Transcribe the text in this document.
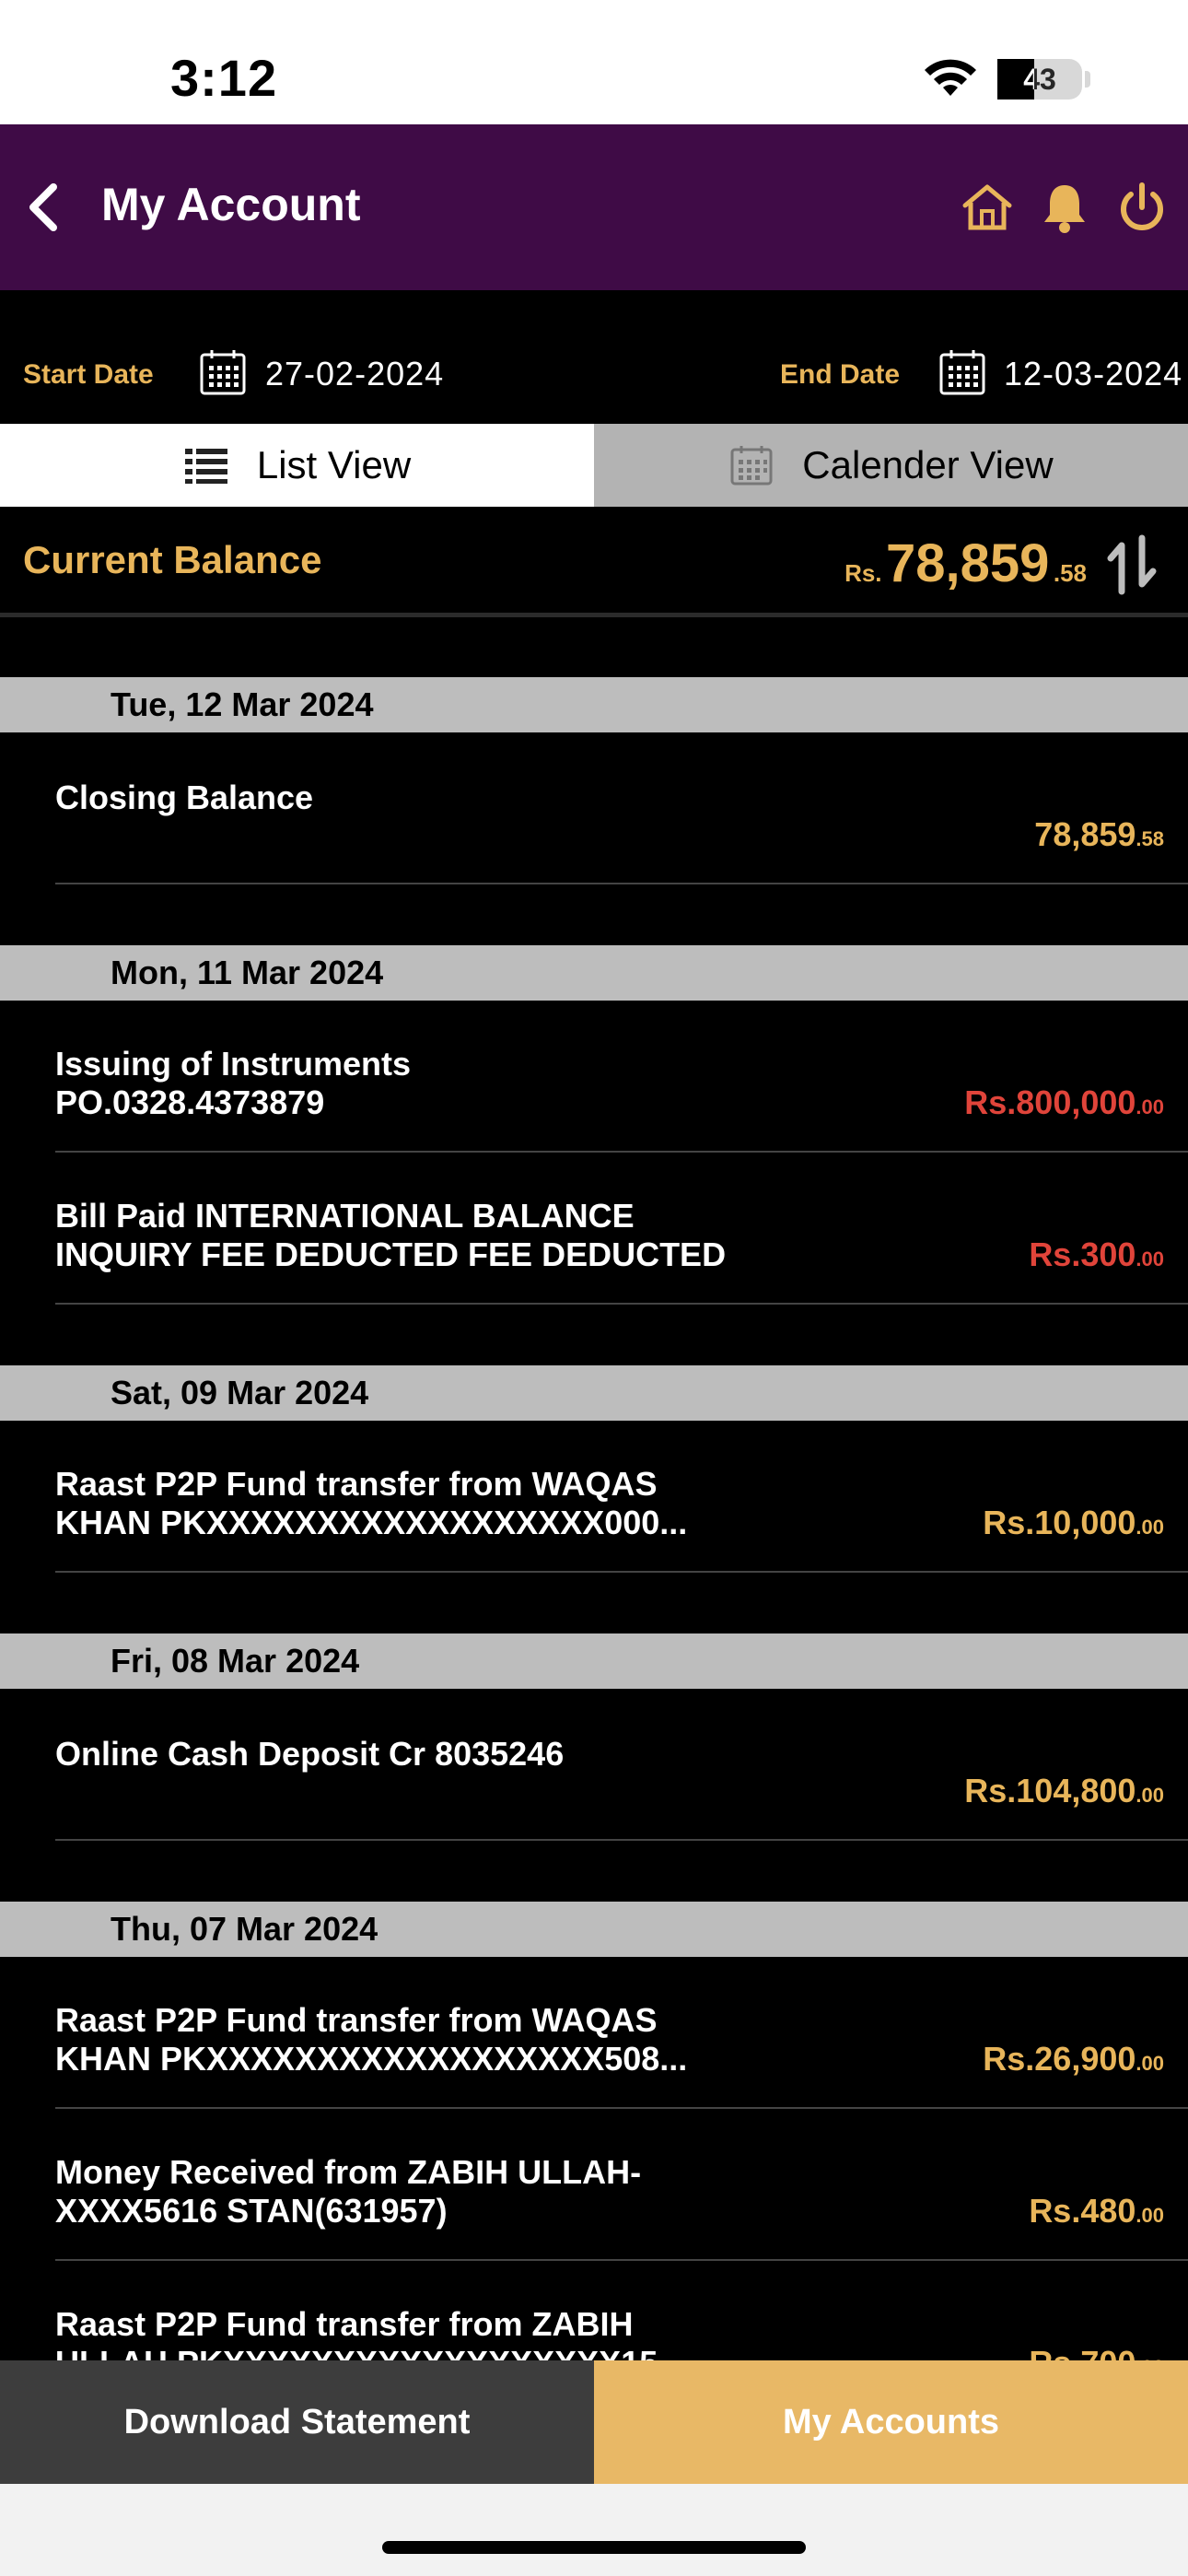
3:12	43
My Account
Start Date	27-02-2024	End Date	12-03-2024
List View	Calender View
Current Balance	Rs. 78,859 .58
Tue, 12 Mar 2024
Closing Balance
78,859.58
Mon, 11 Mar 2024
Issuing of Instruments
PO.0328.4373879	Rs.800,000.00
Bill Paid INTERNATIONAL BALANCE
INQUIRY FEE DEDUCTED FEE DEDUCTED	Rs.300.00
Sat, 09 Mar 2024
Raast P2P Fund transfer from WAQAS
KHAN PKXXXXXXXXXXXXXXXXXX000...	Rs.10,000.00
Fri, 08 Mar 2024
Online Cash Deposit Cr 8035246
Rs.104,800.00
Thu, 07 Mar 2024
Raast P2P Fund transfer from WAQAS
KHAN PKXXXXXXXXXXXXXXXXXX508...	Rs.26,900.00
Money Received from ZABIH ULLAH-
XXXX5616 STAN(631957)	Rs.480.00
Raast P2P Fund transfer from ZABIH

Download Statement	My Accounts
